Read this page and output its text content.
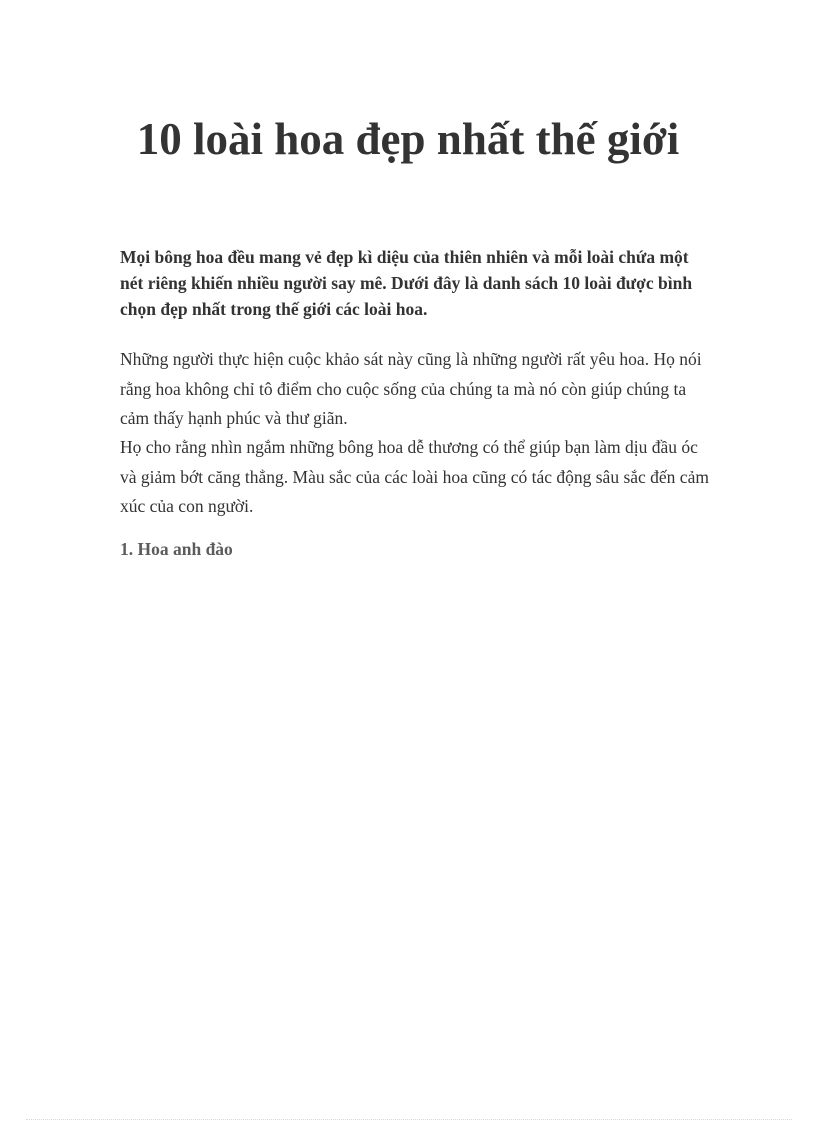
10 loài hoa đẹp nhất thế giới

Mọi bông hoa đều mang vẻ đẹp kì diệu của thiên nhiên và mỗi loài chứa một nét riêng khiến nhiều người say mê. Dưới đây là danh sách 10 loài được bình chọn đẹp nhất trong thế giới các loài hoa.

Những người thực hiện cuộc khảo sát này cũng là những người rất yêu hoa. Họ nói rằng hoa không chỉ tô điểm cho cuộc sống của chúng ta mà nó còn giúp chúng ta cảm thấy hạnh phúc và thư giãn.

Họ cho rằng nhìn ngắm những bông hoa dễ thương có thể giúp bạn làm dịu đầu óc và giảm bớt căng thẳng. Màu sắc của các loài hoa cũng có tác động sâu sắc đến cảm xúc của con người.

1. Hoa anh đào
